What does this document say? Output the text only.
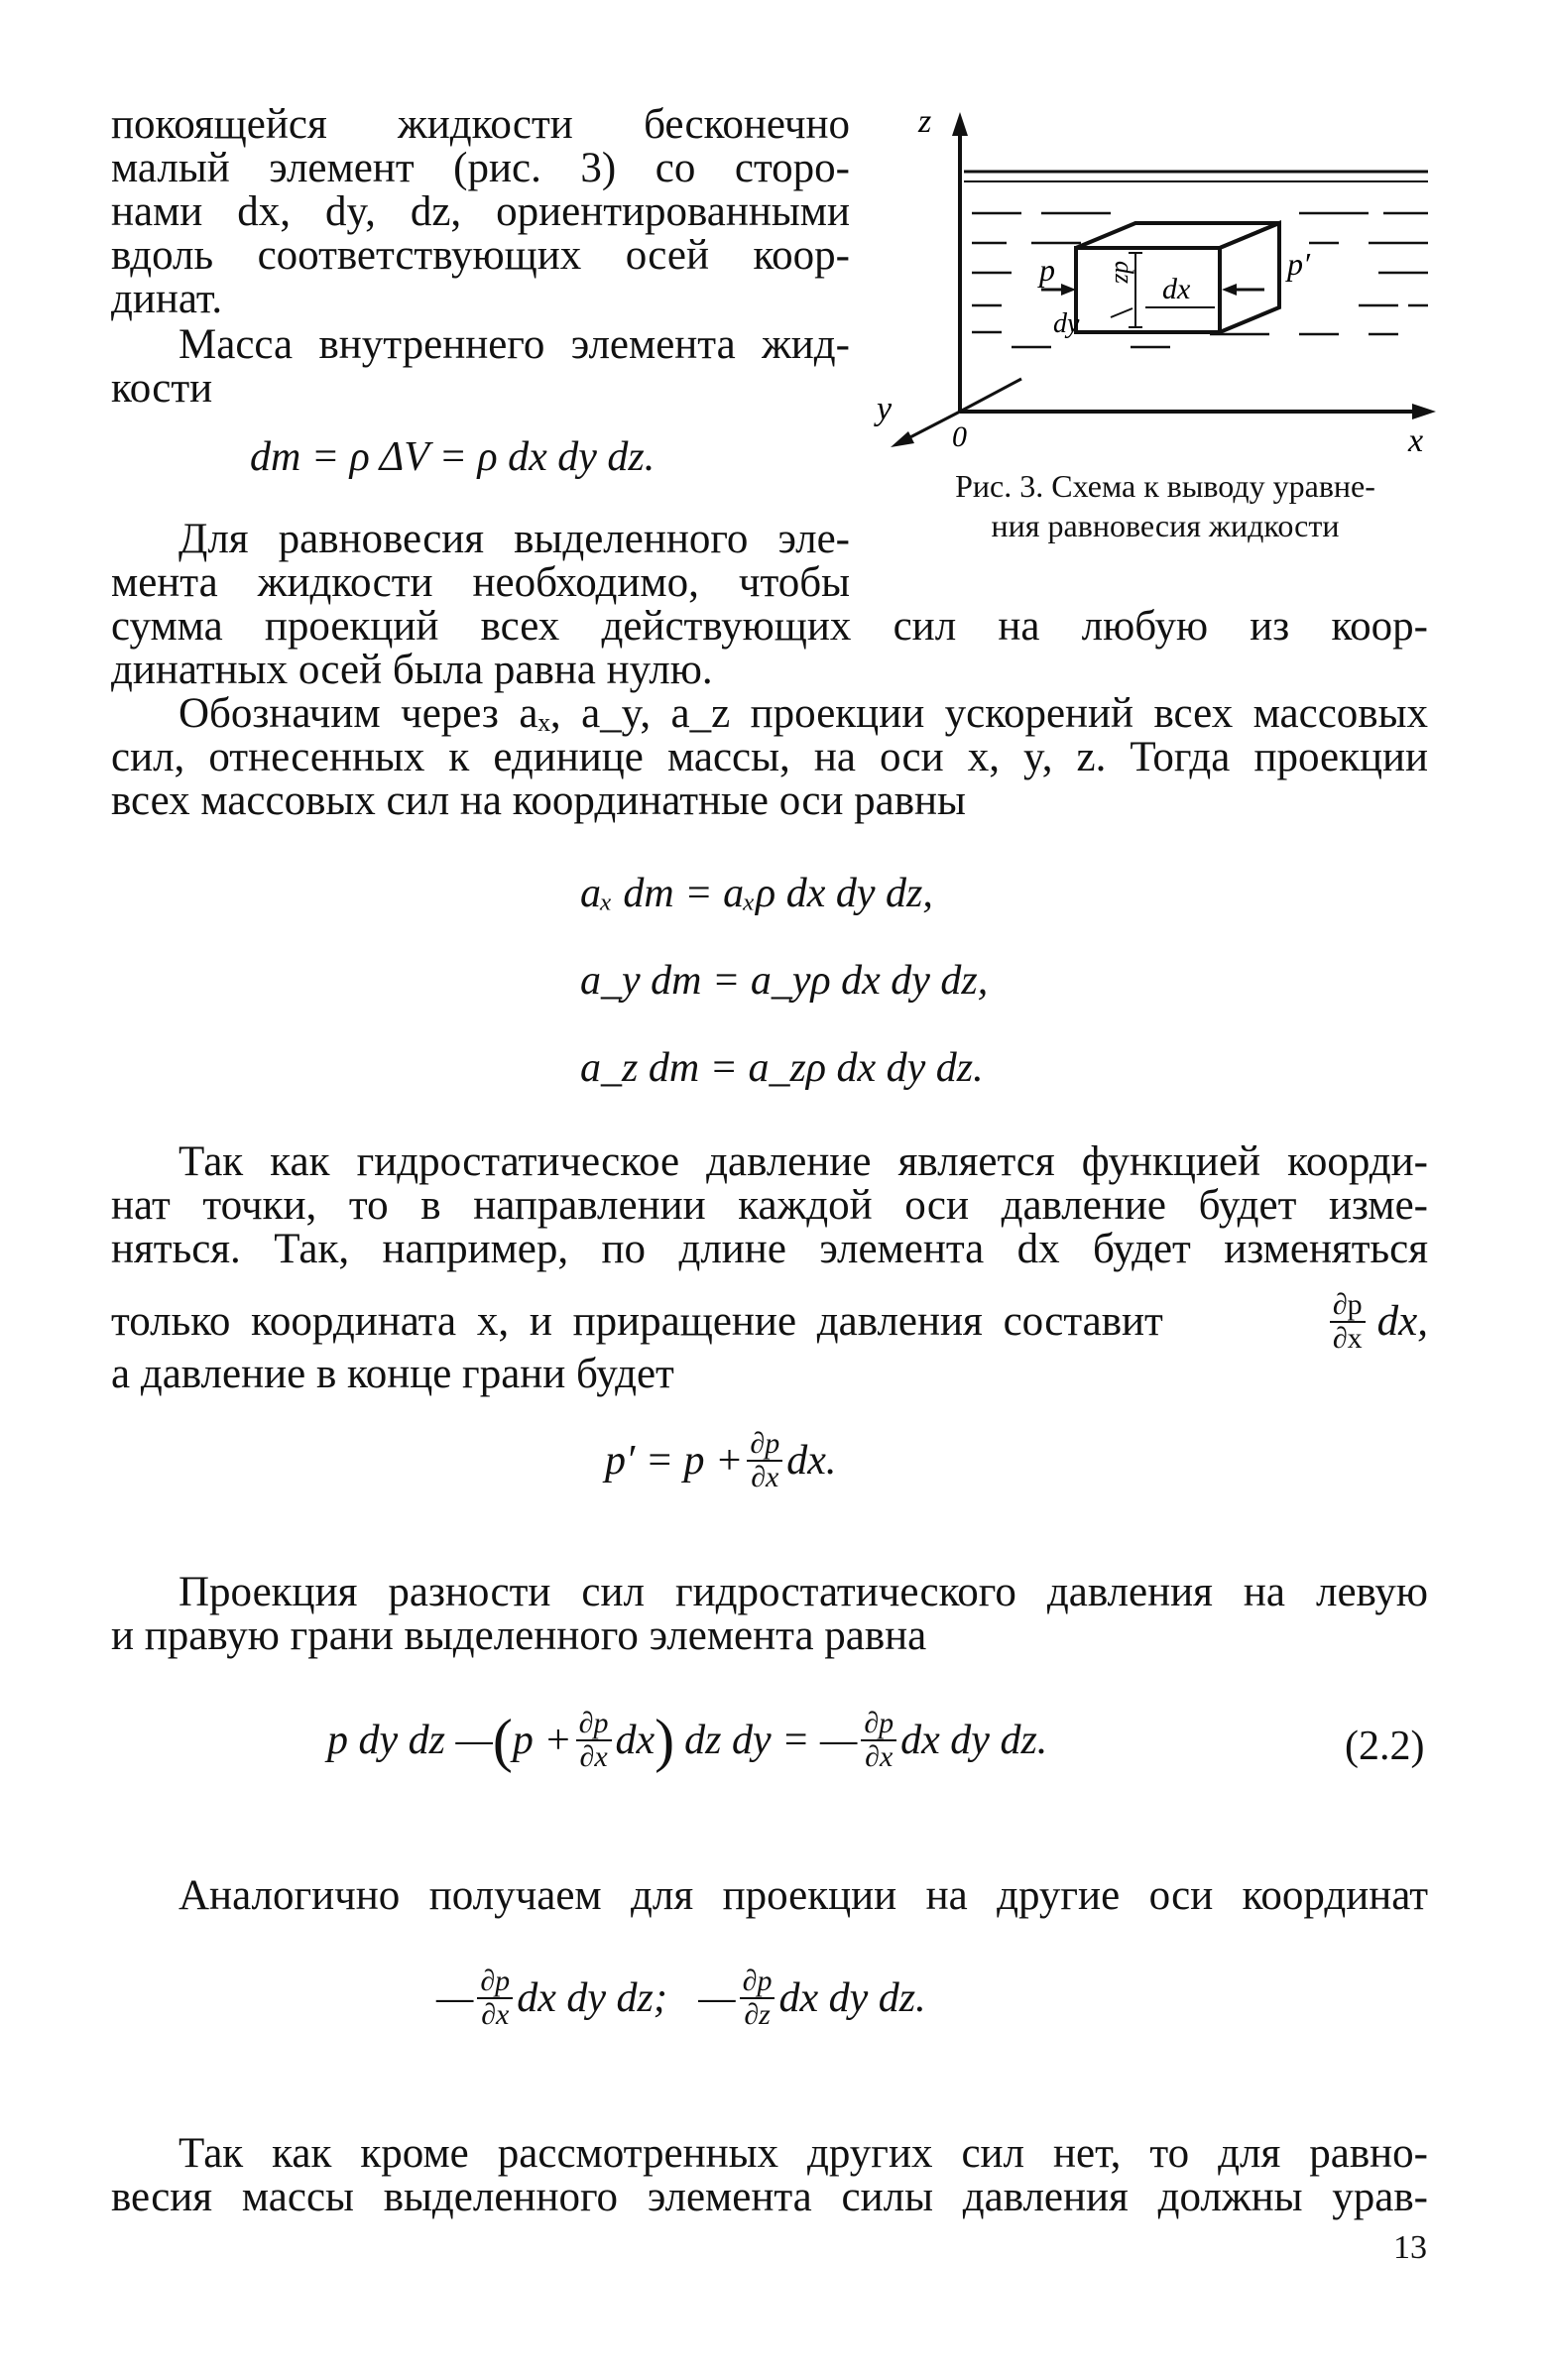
покоящейся жидкости бесконечно
малый элемент (рис. 3) со сторо-
нами dx, dy, dz, ориентированными
вдоль соответствующих осей коор-
динат.
Масса внутреннего элемента жид-
кости
dm = ρ ΔV = ρ dx dy dz.
Для равновесия выделенного эле-
мента жидкости необходимо, чтобы
z
y
x
0
p	p′
dx
dy
dz
Рис. 3. Схема к выводу уравне-
ния равновесия жидкости
сумма проекций всех действующих сил на любую из коор-
динатных осей была равна нулю.
Обозначим через aₓ, a_y, a_z проекции ускорений всех массовых
сил, отнесенных к единице массы, на оси x, y, z. Тогда проекции
всех массовых сил на координатные оси равны
aₓ dm = aₓρ dx dy dz,
a_y dm = a_yρ dx dy dz,
a_z dm = a_zρ dx dy dz.
Так как гидростатическое давление является функцией коорди-
нат точки, то в направлении каждой оси давление будет изме-
няться. Так, например, по длине элемента dx будет изменяться
только координата x, и приращение давления составит	$\frac{\partial p}{\partial x}$ dx,
а давление в конце грани будет
$p' = p + \frac{\partial p}{\partial x}$ dx.
Проекция разности сил гидростатического давления на левую
и правую грани выделенного элемента равна
p dy dz — ( $p + \frac{\partial p}{\partial x}$ dx ) dz dy = — $\frac{\partial p}{\partial x}$ dx dy dz.	(2.2)
Аналогично получаем для проекции на другие оси координат
— $\frac{\partial p}{\partial x}$ dx dy dz;   — $\frac{\partial p}{\partial z}$ dx dy dz.
Так как кроме рассмотренных других сил нет, то для равно-
весия массы выделенного элемента силы давления должны урав-
13
